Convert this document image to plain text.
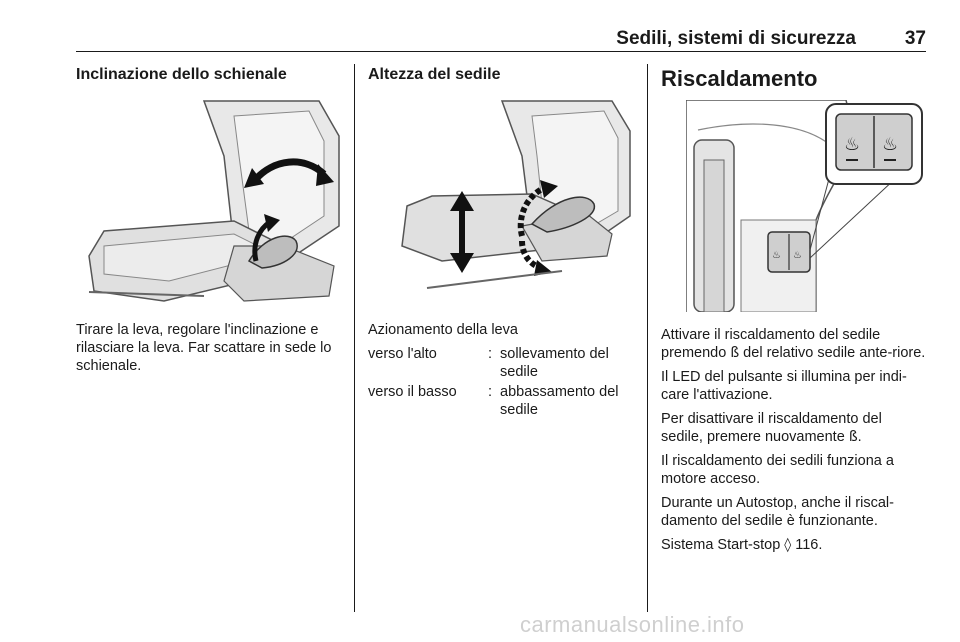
Sedili, sistemi di sicurezza	37
Inclinazione dello schienale

Tirare la leva, regolare l'inclinazione e rilasciare la leva. Far scattare in sede lo schienale.

Altezza del sedile

Azionamento della leva

verso l'alto	: sollevamento del sedile
verso il basso	: abbassamento del sedile
Riscaldamento
♨ ♨
♨ ♨

Attivare il riscaldamento del sedile premendo ß del relativo sedile ante-riore.

Il LED del pulsante si illumina per indi-care l'attivazione.

Per disattivare il riscaldamento del sedile, premere nuovamente ß.

Il riscaldamento dei sedili funziona a motore acceso.

Durante un Autostop, anche il riscal-damento del sedile è funzionante.

Sistema Start-stop ◊ 116.

carmanualsonline.info
